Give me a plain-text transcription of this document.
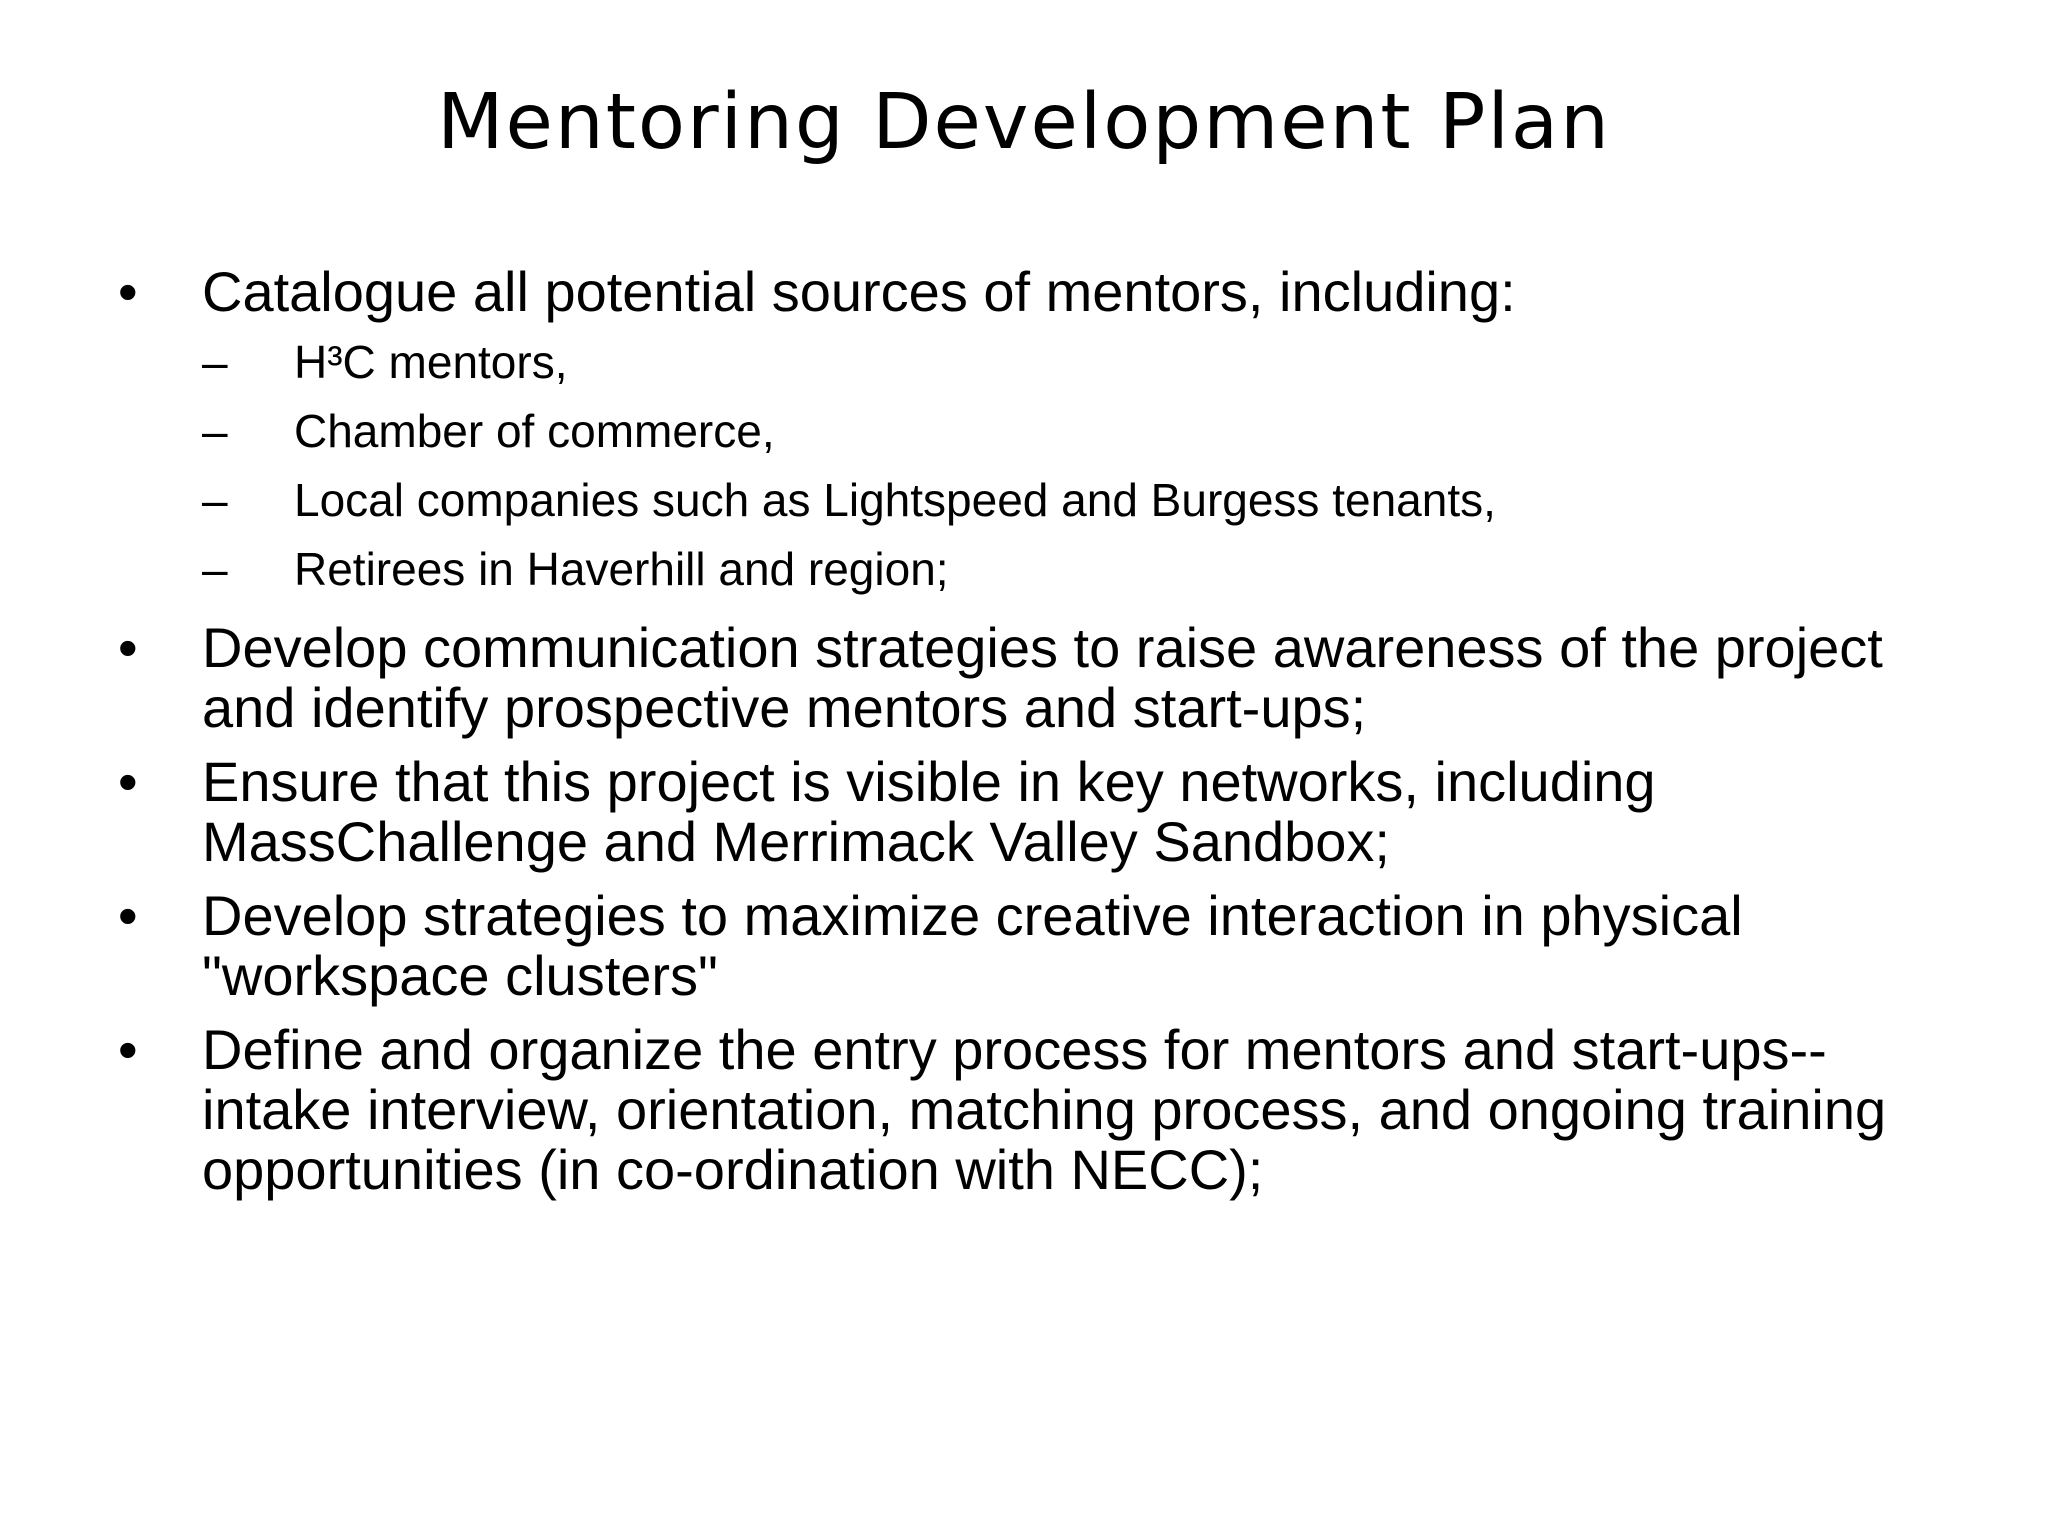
Mentoring Development Plan
• Catalogue all potential sources of mentors, including:
– H³C mentors,
– Chamber of commerce,
– Local companies such as Lightspeed and Burgess tenants,
– Retirees in Haverhill and region;
• Develop communication strategies to raise awareness of the project and identify prospective mentors and start-ups;
• Ensure that this project is visible in key networks, including MassChallenge and Merrimack Valley Sandbox;
• Develop strategies to maximize creative interaction in physical "workspace clusters"
• Define and organize the entry process for mentors and start-ups--intake interview, orientation, matching process, and ongoing training opportunities (in co-ordination with NECC);
